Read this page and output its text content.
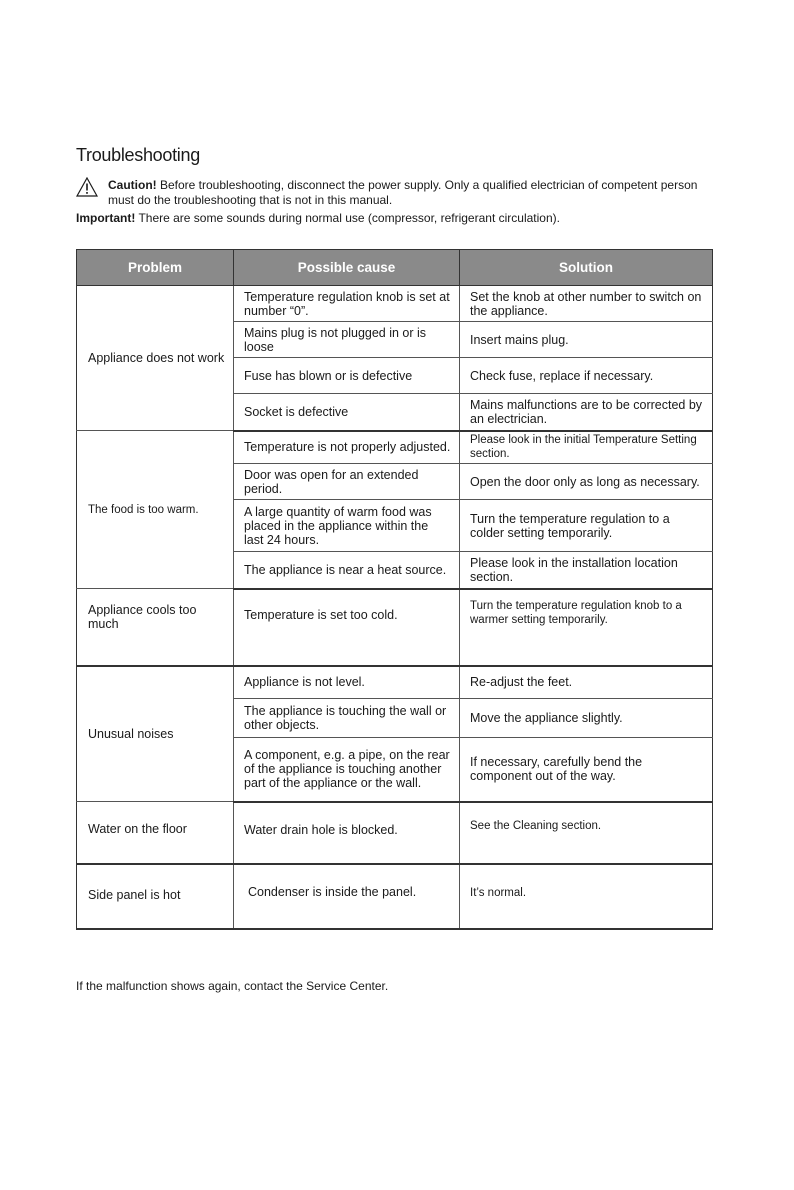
Troubleshooting
Caution! Before troubleshooting, disconnect the power supply. Only a qualified electrician of competent person must do the troubleshooting that is not in this manual.
Important! There are some sounds during normal use (compressor, refrigerant circulation).
Problem	Possible cause	Solution
Appliance does not work	Temperature regulation knob is set at number “0”.	Set the knob at other number to switch on the appliance.
	Mains plug is not plugged in or is loose	Insert mains plug.
	Fuse has blown or is defective	Check fuse, replace if necessary.
	Socket is defective	Mains malfunctions are to be corrected by an electrician.
The food is too warm.	Temperature is not properly adjusted.	Please look in the initial Temperature Setting section.
	Door was open for an extended period.	Open the door only as long as necessary.
	A large quantity of warm food was placed in the appliance within the last 24 hours.	Turn the temperature regulation to a colder setting temporarily.
	The appliance is near a heat source.	Please look in the installation location section.
Appliance cools too much	Temperature is set too cold.	Turn the temperature regulation knob to a warmer setting temporarily.
Unusual noises	Appliance is not level.	Re-adjust the feet.
	The appliance is touching the wall or other objects.	Move the appliance slightly.
	A component, e.g. a pipe, on the rear of the appliance is touching another part of the appliance or the wall.	If necessary, carefully bend the component out of the way.
Water on the floor	Water drain hole is blocked.	See the Cleaning section.
Side panel is hot	Condenser is inside the panel.	It’s normal.
If the malfunction shows again, contact the Service Center.
